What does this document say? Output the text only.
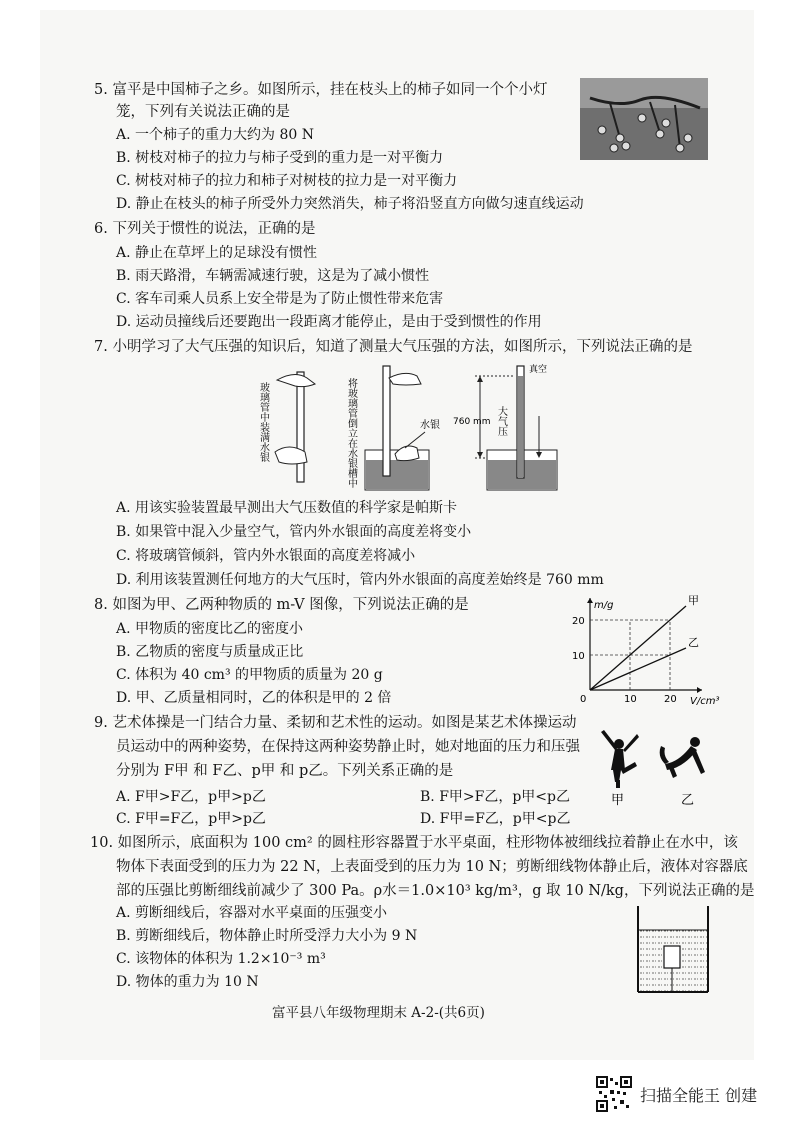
5. 富平是中国柿子之乡。如图所示，挂在枝头上的柿子如同一个个小灯
笼，下列有关说法正确的是
A. 一个柿子的重力大约为 80 N
B. 树枝对柿子的拉力与柿子受到的重力是一对平衡力
C. 树枝对柿子的拉力和柿子对树枝的拉力是一对平衡力
D. 静止在枝头的柿子所受外力突然消失，柿子将沿竖直方向做匀速直线运动
6. 下列关于惯性的说法，正确的是
A. 静止在草坪上的足球没有惯性
B. 雨天路滑，车辆需减速行驶，这是为了减小惯性
C. 客车司乘人员系上安全带是为了防止惯性带来危害
D. 运动员撞线后还要跑出一段距离才能停止，是由于受到惯性的作用
7. 小明学习了大气压强的知识后，知道了测量大气压强的方法，如图所示，下列说法正确的是
玻璃管中装满水银	将玻璃管倒立在水银槽中	水银 760 mm
真空
大气压
A. 用该实验装置最早测出大气压数值的科学家是帕斯卡
B. 如果管中混入少量空气，管内外水银面的高度差将变小
C. 将玻璃管倾斜，管内外水银面的高度差将减小
D. 利用该装置测任何地方的大气压时，管内外水银面的高度差始终是 760 mm
8. 如图为甲、乙两种物质的 m-V 图像，下列说法正确的是
A. 甲物质的密度比乙的密度小
B. 乙物质的密度与质量成正比
C. 体积为 40 cm³ 的甲物质的质量为 20 g
D. 甲、乙质量相同时，乙的体积是甲的 2 倍
甲
乙
0	10	20
10
20
m/g
V/cm³
9. 艺术体操是一门结合力量、柔韧和艺术性的运动。如图是某艺术体操运动
员运动中的两种姿势，在保持这两种姿势静止时，她对地面的压力和压强
分别为 F甲 和 F乙、p甲 和 p乙。下列关系正确的是
A. F甲>F乙，p甲>p乙	B. F甲>F乙，p甲<p乙
C. F甲=F乙，p甲>p乙	D. F甲=F乙，p甲<p乙
甲	乙
10. 如图所示，底面积为 100 cm² 的圆柱形容器置于水平桌面，柱形物体被细线拉着静止在水中，该
物体下表面受到的压力为 22 N，上表面受到的压力为 10 N；剪断细线物体静止后，液体对容器底
部的压强比剪断细线前减少了 300 Pa。ρ水＝1.0×10³ kg/m³，g 取 10 N/kg，下列说法正确的是
A. 剪断细线后，容器对水平桌面的压强变小
B. 剪断细线后，物体静止时所受浮力大小为 9 N
C. 该物体的体积为 1.2×10⁻³ m³
D. 物体的重力为 10 N
富平县八年级物理期末 A-2-(共6页)
扫描全能王 创建
